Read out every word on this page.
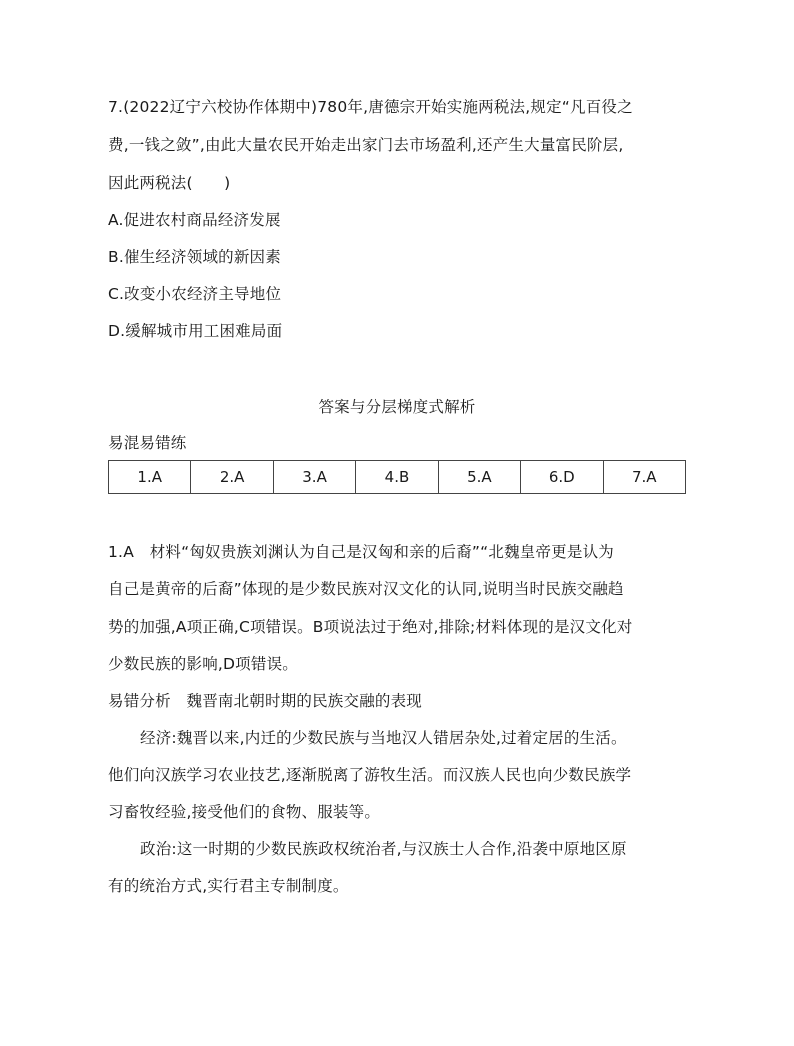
7.(2022辽宁六校协作体期中)780年,唐德宗开始实施两税法,规定“凡百役之
费,一钱之敛”,由此大量农民开始走出家门去市场盈利,还产生大量富民阶层,
因此两税法(　　)
A.促进农村商品经济发展
B.催生经济领域的新因素
C.改变小农经济主导地位
D.缓解城市用工困难局面
答案与分层梯度式解析
易混易错练
1.A	2.A	3.A	4.B	5.A	6.D	7.A
1.A　材料“匈奴贵族刘渊认为自己是汉匈和亲的后裔”“北魏皇帝更是认为
自己是黄帝的后裔”体现的是少数民族对汉文化的认同,说明当时民族交融趋
势的加强,A项正确,C项错误。B项说法过于绝对,排除;材料体现的是汉文化对
少数民族的影响,D项错误。
易错分析　魏晋南北朝时期的民族交融的表现
经济:魏晋以来,内迁的少数民族与当地汉人错居杂处,过着定居的生活。
他们向汉族学习农业技艺,逐渐脱离了游牧生活。而汉族人民也向少数民族学
习畜牧经验,接受他们的食物、服装等。
政治:这一时期的少数民族政权统治者,与汉族士人合作,沿袭中原地区原
有的统治方式,实行君主专制制度。
